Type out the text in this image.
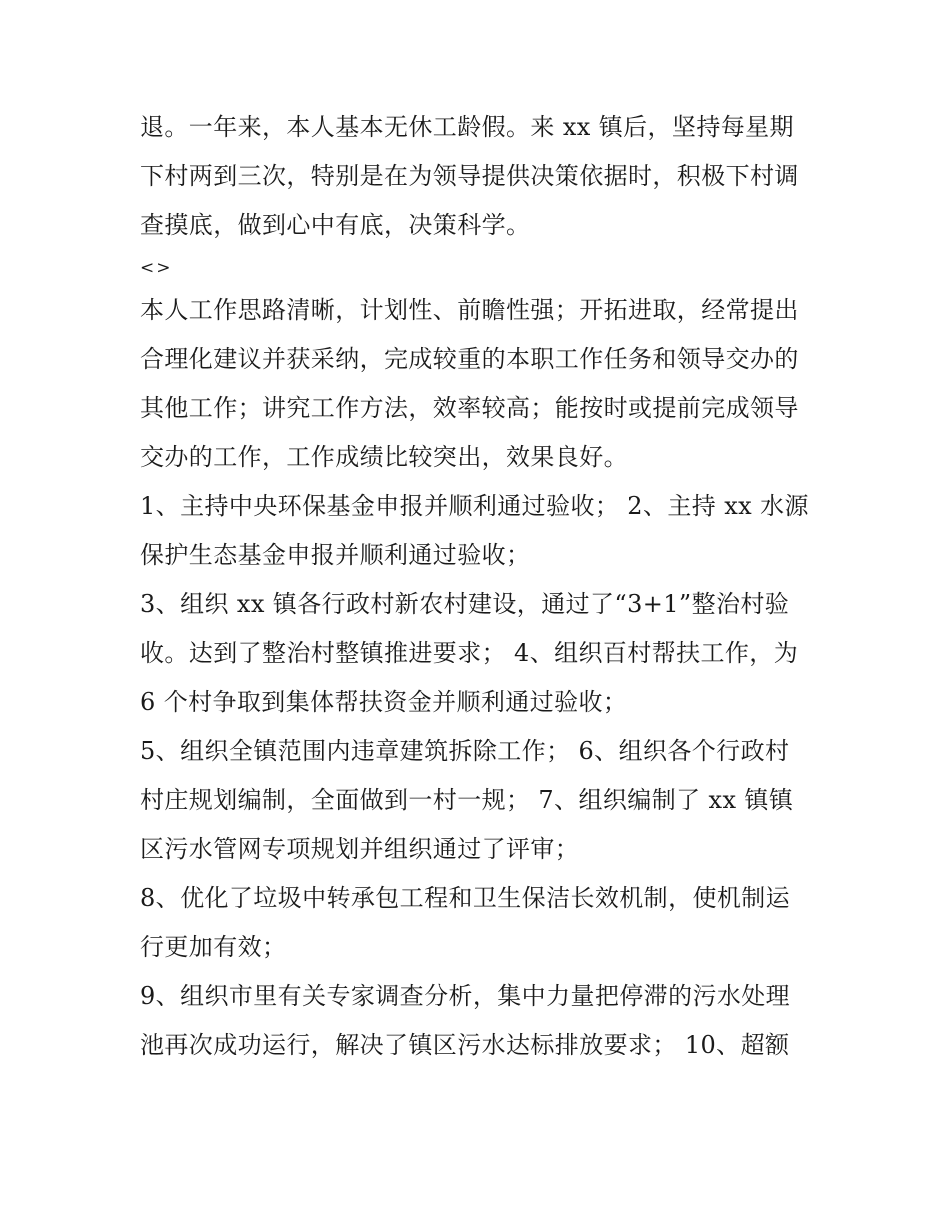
退。一年来，本人基本无休工龄假。来 xx 镇后，坚持每星期
下村两到三次，特别是在为领导提供决策依据时，积极下村调
查摸底，做到心中有底，决策科学。
<>
本人工作思路清晰，计划性、前瞻性强；开拓进取，经常提出
合理化建议并获采纳，完成较重的本职工作任务和领导交办的
其他工作；讲究工作方法，效率较高；能按时或提前完成领导
交办的工作，工作成绩比较突出，效果良好。
1、主持中央环保基金申报并顺利通过验收； 2、主持 xx 水源
保护生态基金申报并顺利通过验收；
3、组织 xx 镇各行政村新农村建设，通过了“3+1”整治村验
收。达到了整治村整镇推进要求； 4、组织百村帮扶工作，为
6 个村争取到集体帮扶资金并顺利通过验收；
5、组织全镇范围内违章建筑拆除工作； 6、组织各个行政村
村庄规划编制，全面做到一村一规； 7、组织编制了 xx 镇镇
区污水管网专项规划并组织通过了评审；
8、优化了垃圾中转承包工程和卫生保洁长效机制，使机制运
行更加有效；
9、组织市里有关专家调查分析，集中力量把停滞的污水处理
池再次成功运行，解决了镇区污水达标排放要求； 10、超额
